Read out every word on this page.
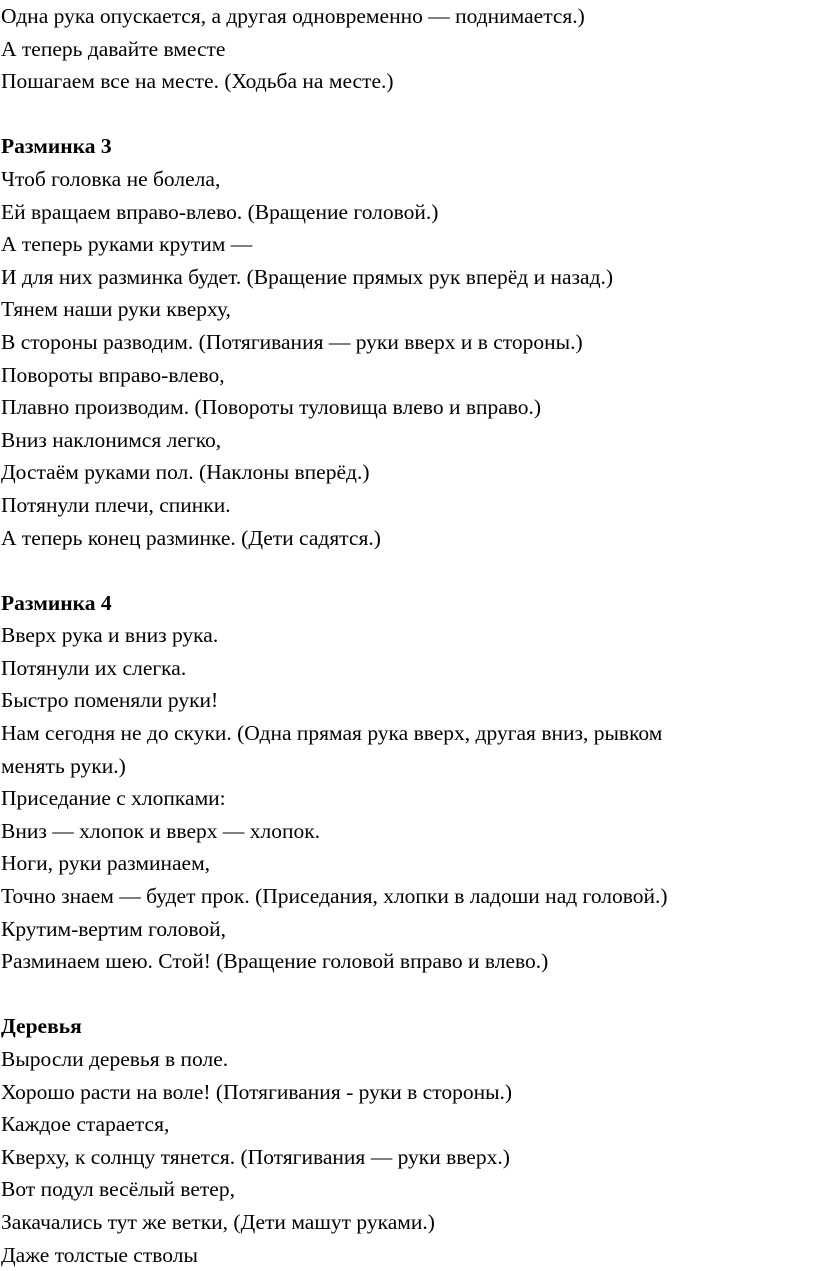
Одна рука опускается, а другая одновременно — поднимается.)
А теперь давайте вместе
Пошагаем все на месте. (Ходьба на месте.)
Разминка 3
Чтоб головка не болела,
Ей вращаем вправо-влево. (Вращение головой.)
А теперь руками крутим —
И для них разминка будет. (Вращение прямых рук вперёд и назад.)
Тянем наши руки кверху,
В стороны разводим. (Потягивания — руки вверх и в стороны.)
Повороты вправо-влево,
Плавно производим. (Повороты туловища влево и вправо.)
Вниз наклонимся легко,
Достаём руками пол. (Наклоны вперёд.)
Потянули плечи, спинки.
А теперь конец разминке. (Дети садятся.)
Разминка 4
Вверх рука и вниз рука.
Потянули их слегка.
Быстро поменяли руки!
Нам сегодня не до скуки. (Одна прямая рука вверх, другая вниз, рывком
менять руки.)
Приседание с хлопками:
Вниз — хлопок и вверх — хлопок.
Ноги, руки разминаем,
Точно знаем — будет прок. (Приседания, хлопки в ладоши над головой.)
Крутим-вертим головой,
Разминаем шею. Стой! (Вращение головой вправо и влево.)
Деревья
Выросли деревья в поле.
Хорошо расти на воле! (Потягивания - руки в стороны.)
Каждое старается,
Кверху, к солнцу тянется. (Потягивания — руки вверх.)
Вот подул весёлый ветер,
Закачались тут же ветки, (Дети машут руками.)
Даже толстые стволы
